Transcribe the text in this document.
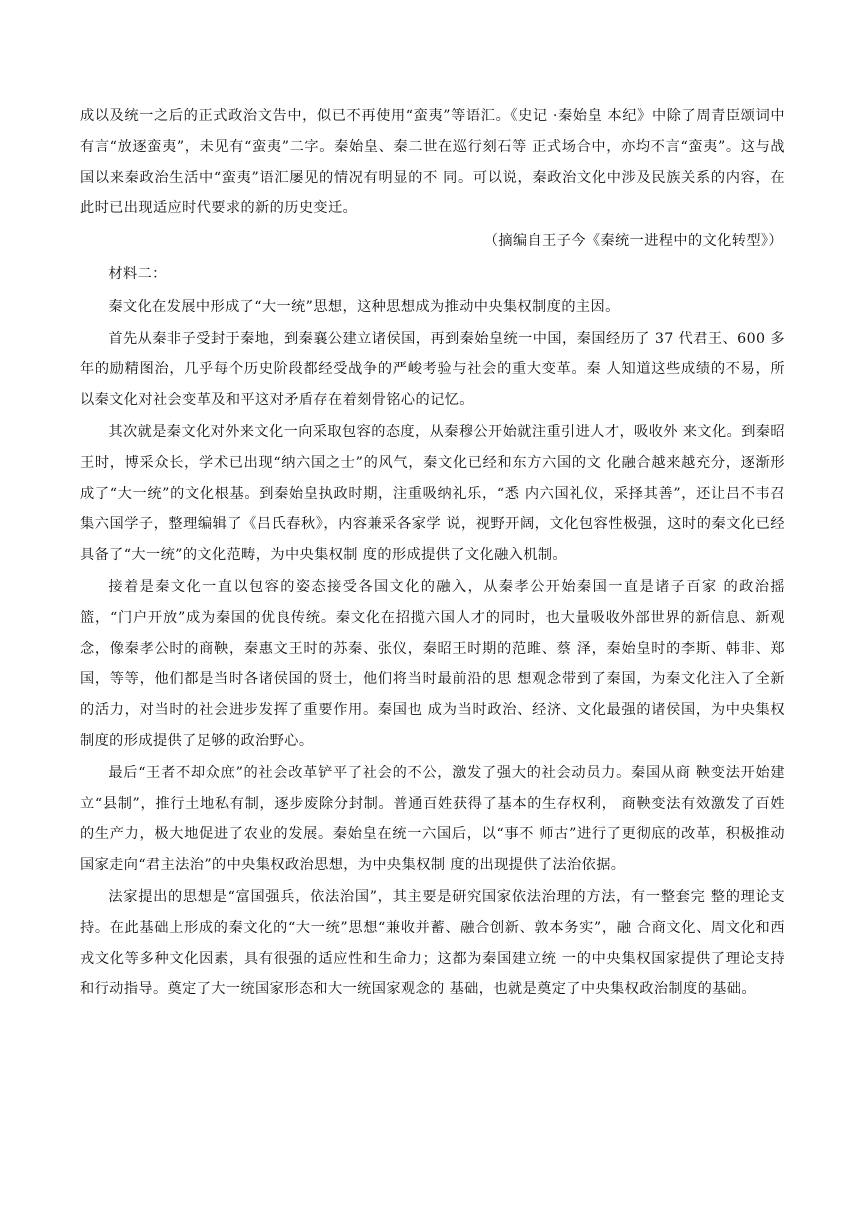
成以及统一之后的正式政治文告中，似已不再使用“蛮夷”等语汇。《史记 ·秦始皇 本纪》中除了周青臣颂词中有言“放逐蛮夷”，未见有“蛮夷”二字。秦始皇、秦二世在巡行刻石等 正式场合中，亦均不言“蛮夷”。这与战国以来秦政治生活中“蛮夷”语汇屡见的情况有明显的不 同。可以说，秦政治文化中涉及民族关系的内容，在此时已出现适应时代要求的新的历史变迁。

（摘编自王子今《秦统一进程中的文化转型》）

材料二：

秦文化在发展中形成了“大一统”思想，这种思想成为推动中央集权制度的主因。

首先从秦非子受封于秦地，到秦襄公建立诸侯国，再到秦始皇统一中国，秦国经历了 37 代君王、600 多年的励精图治，几乎每个历史阶段都经受战争的严峻考验与社会的重大变革。秦 人知道这些成绩的不易，所以秦文化对社会变革及和平这对矛盾存在着刻骨铭心的记忆。

其次就是秦文化对外来文化一向采取包容的态度，从秦穆公开始就注重引进人才，吸收外 来文化。到秦昭王时，博采众长，学术已出现“纳六国之士”的风气，秦文化已经和东方六国的文 化融合越来越充分，逐渐形成了“大一统”的文化根基。到秦始皇执政时期，注重吸纳礼乐，“悉 内六国礼仪，采择其善”，还让吕不韦召集六国学子，整理编辑了《吕氏春秋》，内容兼采各家学 说，视野开阔，文化包容性极强，这时的秦文化已经具备了“大一统”的文化范畴，为中央集权制 度的形成提供了文化融入机制。

接着是秦文化一直以包容的姿态接受各国文化的融入，从秦孝公开始秦国一直是诸子百家 的政治摇篮，“门户开放”成为秦国的优良传统。秦文化在招揽六国人才的同时，也大量吸收外部世界的新信息、新观念，像秦孝公时的商鞅，秦惠文王时的苏秦、张仪，秦昭王时期的范雎、蔡 泽，秦始皇时的李斯、韩非、郑国，等等，他们都是当时各诸侯国的贤士，他们将当时最前沿的思 想观念带到了秦国，为秦文化注入了全新的活力，对当时的社会进步发挥了重要作用。秦国也 成为当时政治、经济、文化最强的诸侯国，为中央集权制度的形成提供了足够的政治野心。

最后“王者不却众庶”的社会改革铲平了社会的不公，激发了强大的社会动员力。秦国从商 鞅变法开始建立“县制”，推行土地私有制，逐步废除分封制。普通百姓获得了基本的生存权利， 商鞅变法有效激发了百姓的生产力，极大地促进了农业的发展。秦始皇在统一六国后，以“事不 师古”进行了更彻底的改革，积极推动国家走向“君主法治”的中央集权政治思想，为中央集权制 度的出现提供了法治依据。

法家提出的思想是“富国强兵，依法治国”，其主要是研究国家依法治理的方法，有一整套完 整的理论支持。在此基础上形成的秦文化的“大一统”思想“兼收并蓄、融合创新、敦本务实”，融 合商文化、周文化和西戎文化等多种文化因素，具有很强的适应性和生命力；这都为秦国建立统 一的中央集权国家提供了理论支持和行动指导。奠定了大一统国家形态和大一统国家观念的 基础，也就是奠定了中央集权政治制度的基础。
